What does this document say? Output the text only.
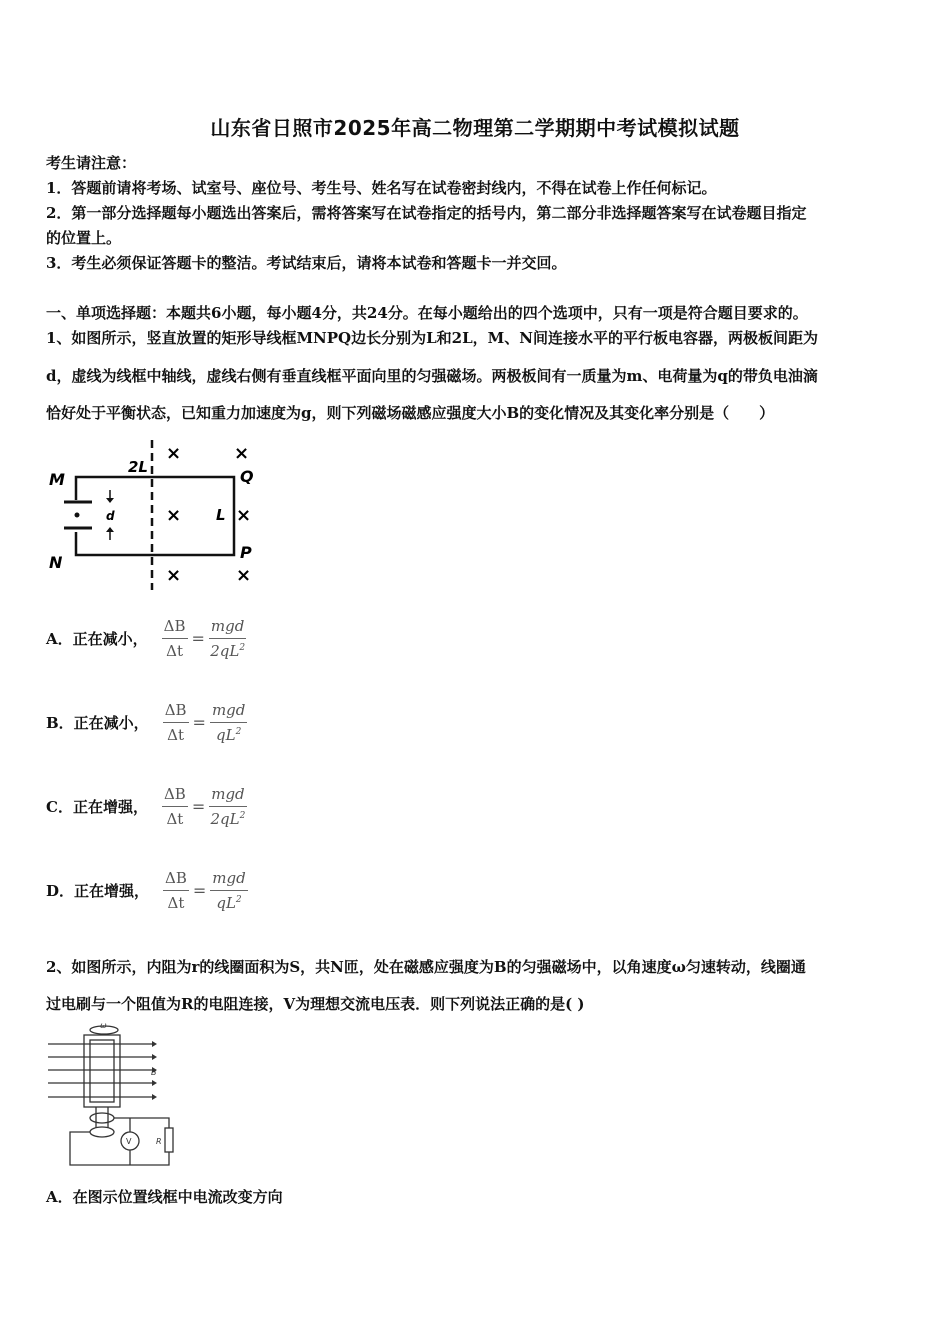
山东省日照市2025年高二物理第二学期期中考试模拟试题
考生请注意：
1．答题前请将考场、试室号、座位号、考生号、姓名写在试卷密封线内，不得在试卷上作任何标记。
2．第一部分选择题每小题选出答案后，需将答案写在试卷指定的括号内，第二部分非选择题答案写在试卷题目指定
的位置上。
3．考生必须保证答题卡的整洁。考试结束后，请将本试卷和答题卡一并交回。
一、单项选择题：本题共6小题，每小题4分，共24分。在每小题给出的四个选项中，只有一项是符合题目要求的。
1、如图所示，竖直放置的矩形导线框MNPQ边长分别为L和2L，M、N间连接水平的平行板电容器，两极板间距为
d，虚线为线框中轴线，虚线右侧有垂直线框平面向里的匀强磁场。两极板间有一质量为m、电荷量为q的带负电油滴
恰好处于平衡状态，已知重力加速度为g，则下列磁场磁感应强度大小B的变化情况及其变化率分别是（　　）
M
N
Q
P
2L
L
d
×	×
×	×
×	×
A．正在减小， $\frac{\Delta B}{\Delta t} = \frac{\text{mgd}}{2qL^2}$
B．正在减小， $\frac{\Delta B}{\Delta t} = \frac{\text{mgd}}{qL^2}$
C．正在增强， $\frac{\Delta B}{\Delta t} = \frac{\text{mgd}}{2qL^2}$
D．正在增强， $\frac{\Delta B}{\Delta t} = \frac{\text{mgd}}{qL^2}$
2、如图所示，内阻为r的线圈面积为S，共N匝，处在磁感应强度为B的匀强磁场中，以角速度ω匀速转动，线圈通
过电刷与一个阻值为R的电阻连接，V为理想交流电压表．则下列说法正确的是( )
ω
B
V	R
A．在图示位置线框中电流改变方向
